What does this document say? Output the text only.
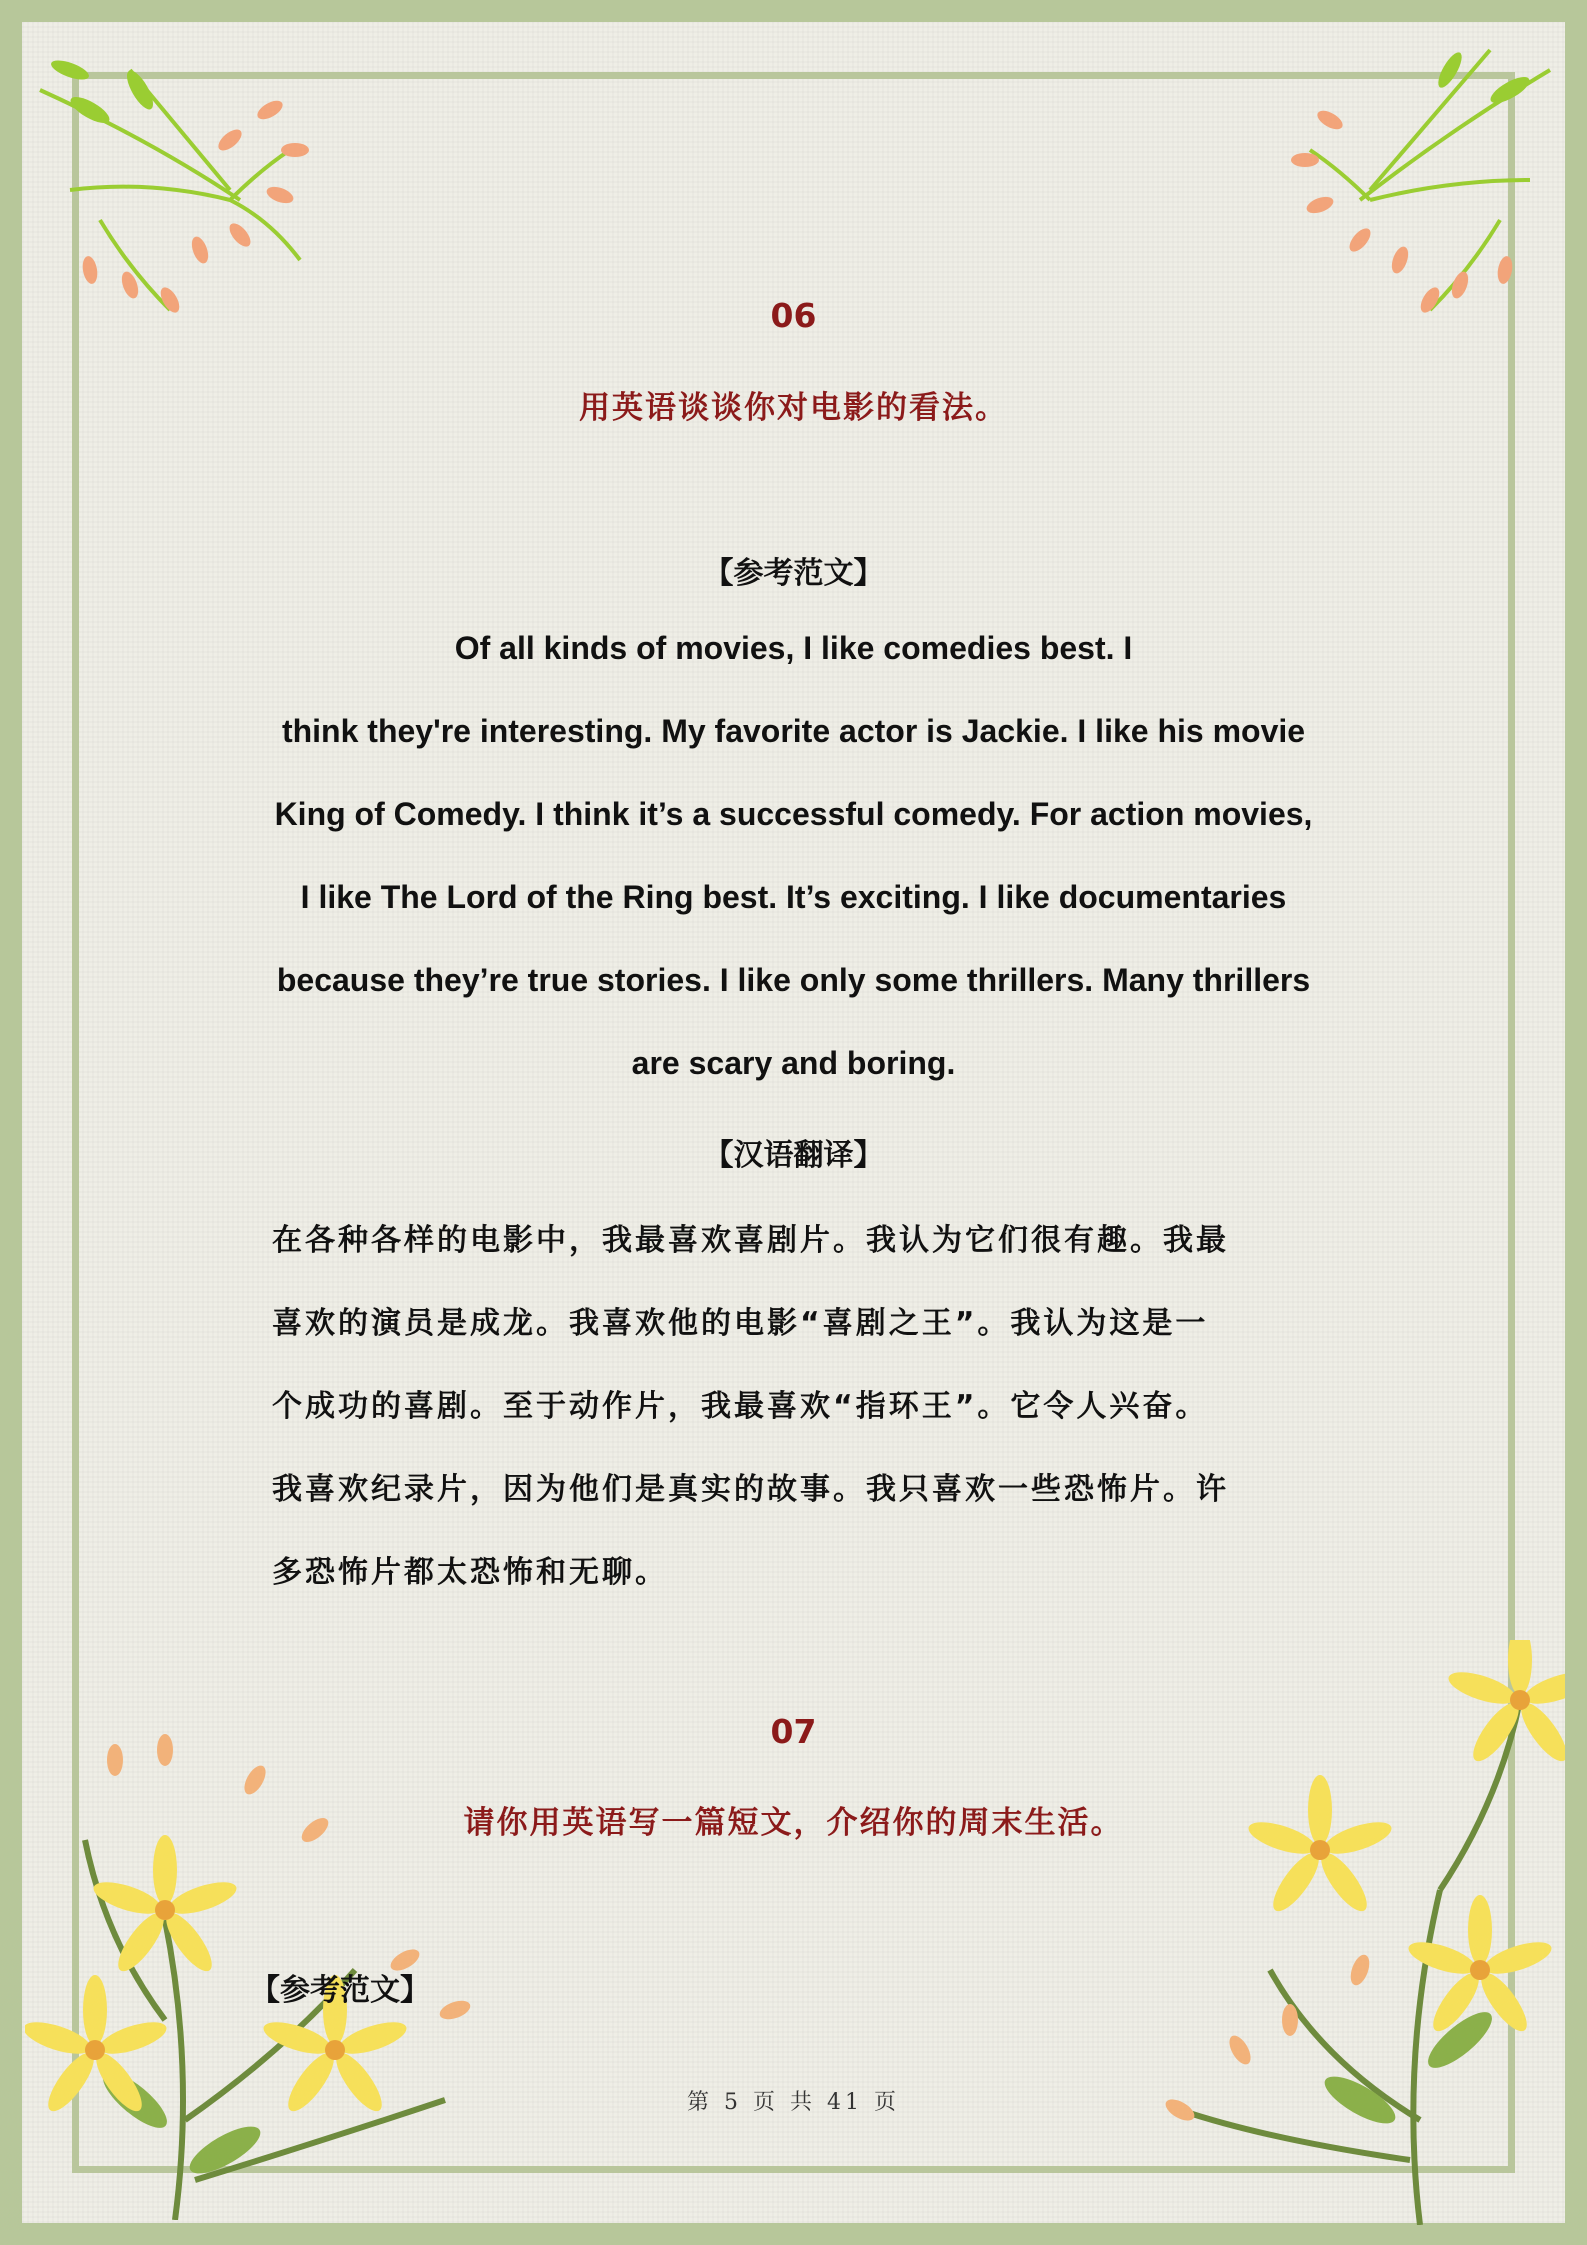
06
用英语谈谈你对电影的看法。
【参考范文】
Of all kinds of movies, I like comedies best. I
think they're interesting. My favorite actor is Jackie. I like his movie
King of Comedy. I think it’s a successful comedy. For action movies,
I like The Lord of the Ring best. It’s exciting. I like documentaries
because they’re true stories. I like only some thrillers. Many thrillers
are scary and boring.
【汉语翻译】
在各种各样的电影中，我最喜欢喜剧片。我认为它们很有趣。我最
喜欢的演员是成龙。我喜欢他的电影“喜剧之王”。我认为这是一
个成功的喜剧。至于动作片，我最喜欢“指环王”。它令人兴奋。
我喜欢纪录片，因为他们是真实的故事。我只喜欢一些恐怖片。许
多恐怖片都太恐怖和无聊。
07
请你用英语写一篇短文，介绍你的周末生活。
【参考范文】
第 5 页 共 41 页
